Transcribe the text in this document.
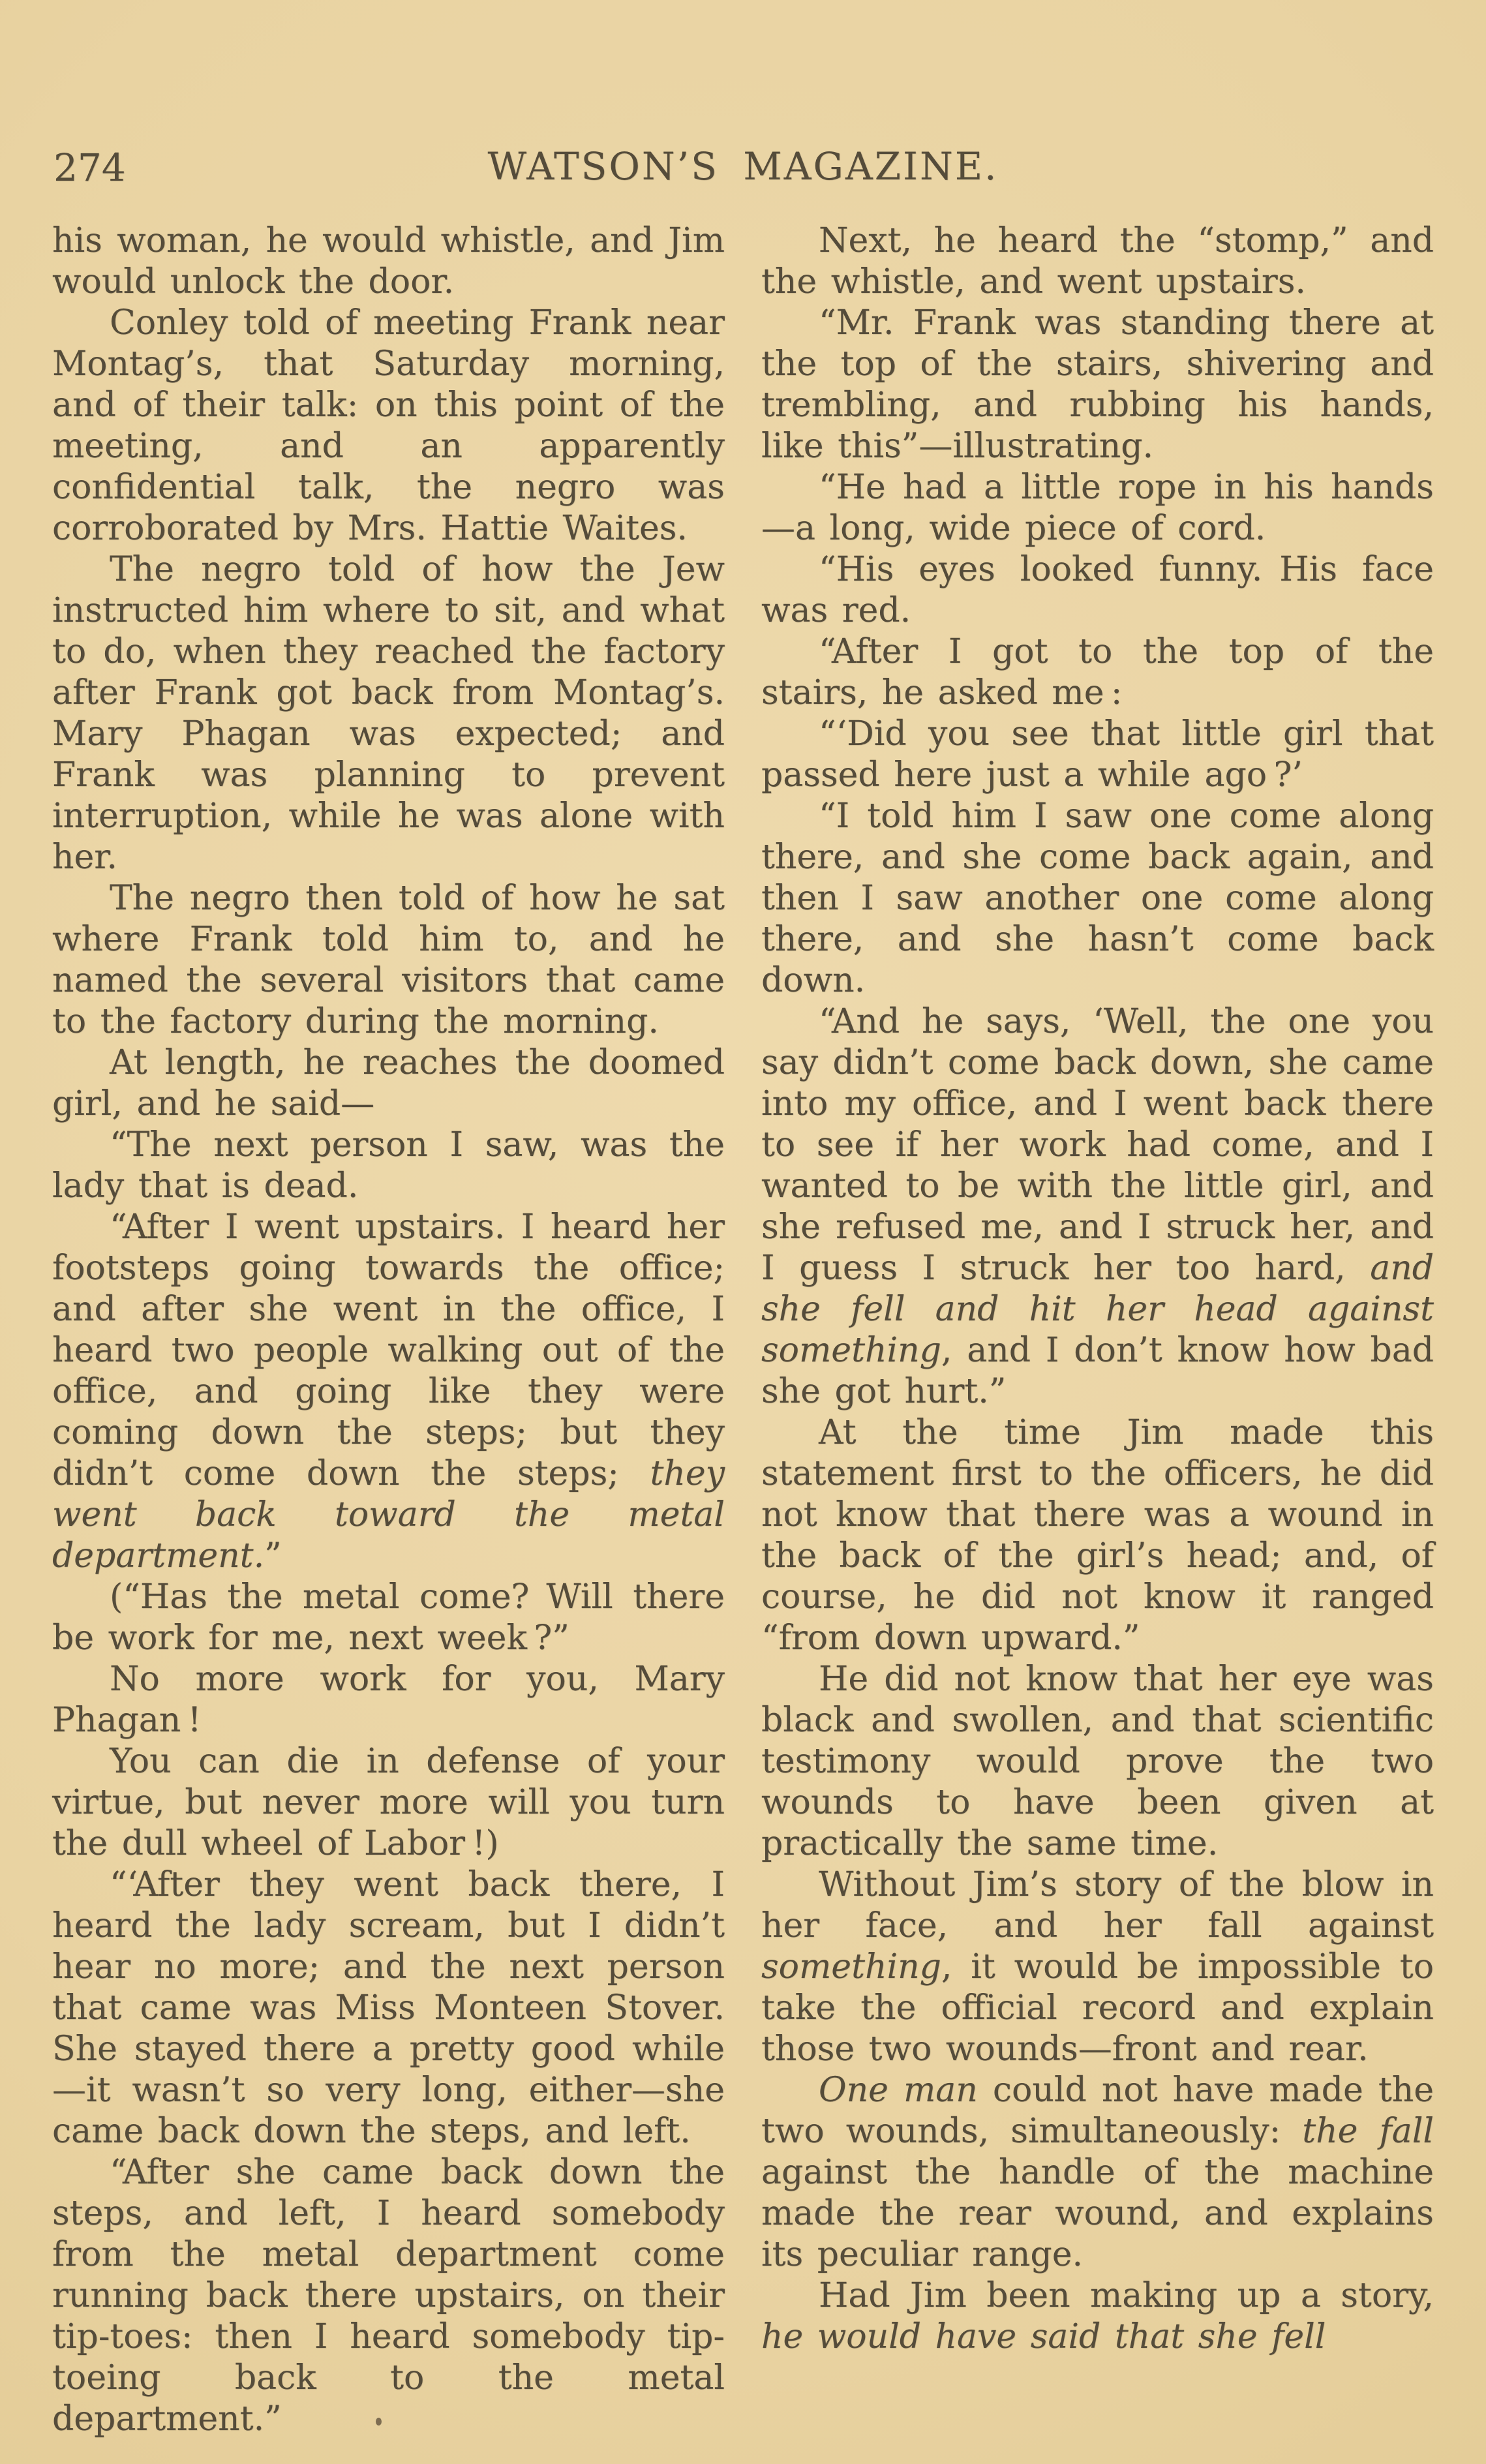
274	WATSON’S MAGAZINE.

his woman, he would whistle, and Jim would unlock the door.

Conley told of meeting Frank near Montag’s, that Saturday morning, and of their talk: on this point of the meeting, and an apparently confidential talk, the negro was corroborated by Mrs. Hattie Waites.

The negro told of how the Jew instructed him where to sit, and what to do, when they reached the factory after Frank got back from Montag’s. Mary Phagan was expected; and Frank was planning to prevent interruption, while he was alone with her.

The negro then told of how he sat where Frank told him to, and he named the several visitors that came to the factory during the morning.

At length, he reaches the doomed girl, and he said—

“The next person I saw, was the lady that is dead.

“After I went upstairs. I heard her footsteps going towards the office; and after she went in the office, I heard two people walking out of the office, and going like they were coming down the steps; but they didn’t come down the steps; they went back toward the metal department.”

(“Has the metal come? Will there be work for me, next week ?”

No more work for you, Mary Phagan !

You can die in defense of your virtue, but never more will you turn the dull wheel of Labor !)

“‘After they went back there, I heard the lady scream, but I didn’t hear no more; and the next person that came was Miss Monteen Stover. She stayed there a pretty good while—it wasn’t so very long, either—she came back down the steps, and left.

“After she came back down the steps, and left, I heard somebody from the metal department come running back there upstairs, on their tip-toes: then I heard somebody tip-toeing back to the metal department.”

Next, he heard the “stomp,” and the whistle, and went upstairs.

“Mr. Frank was standing there at the top of the stairs, shivering and trembling, and rubbing his hands, like this”—illustrating.

“He had a little rope in his hands—a long, wide piece of cord.

“His eyes looked funny. His face was red.

“After I got to the top of the stairs, he asked me :

“‘Did you see that little girl that passed here just a while ago ?’

“I told him I saw one come along there, and she come back again, and then I saw another one come along there, and she hasn’t come back down.

“And he says, ‘Well, the one you say didn’t come back down, she came into my office, and I went back there to see if her work had come, and I wanted to be with the little girl, and she refused me, and I struck her, and I guess I struck her too hard, and she fell and hit her head against something, and I don’t know how bad she got hurt.”

At the time Jim made this statement first to the officers, he did not know that there was a wound in the back of the girl’s head; and, of course, he did not know it ranged “from down upward.”

He did not know that her eye was black and swollen, and that scientific testimony would prove the two wounds to have been given at practically the same time.

Without Jim’s story of the blow in her face, and her fall against something, it would be impossible to take the official record and explain those two wounds—front and rear.

One man could not have made the two wounds, simultaneously: the fall against the handle of the machine made the rear wound, and explains its peculiar range.

Had Jim been making up a story, he would have said that she fell
